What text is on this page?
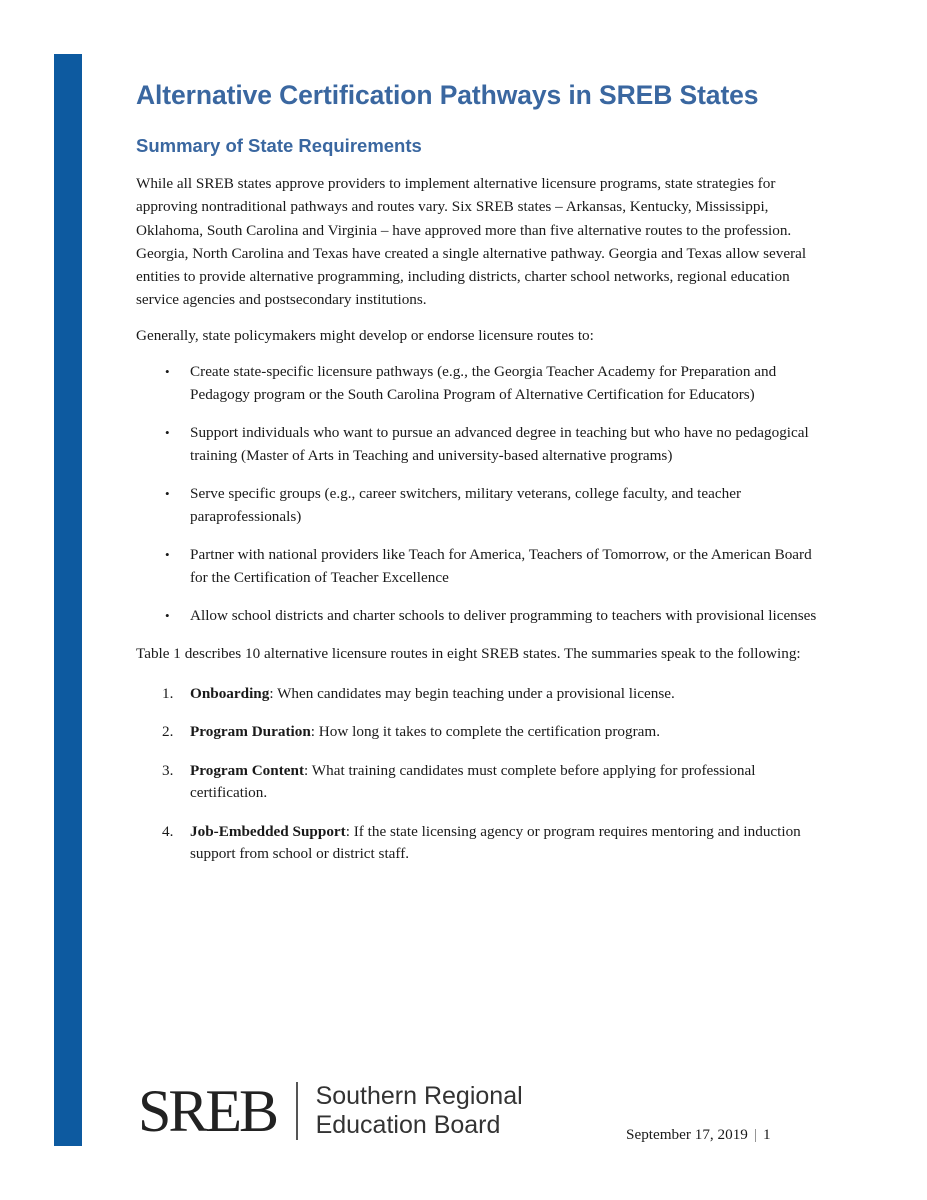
Alternative Certification Pathways in SREB States
Summary of State Requirements

While all SREB states approve providers to implement alternative licensure programs, state strategies for approving nontraditional pathways and routes vary. Six SREB states – Arkansas, Kentucky, Mississippi, Oklahoma, South Carolina and Virginia – have approved more than five alternative routes to the profession. Georgia, North Carolina and Texas have created a single alternative pathway. Georgia and Texas allow several entities to provide alternative programming, including districts, charter school networks, regional education service agencies and postsecondary institutions.

Generally, state policymakers might develop or endorse licensure routes to:

• Create state-specific licensure pathways (e.g., the Georgia Teacher Academy for Preparation and Pedagogy program or the South Carolina Program of Alternative Certification for Educators)
• Support individuals who want to pursue an advanced degree in teaching but who have no pedagogical training (Master of Arts in Teaching and university-based alternative programs)
• Serve specific groups (e.g., career switchers, military veterans, college faculty, and teacher paraprofessionals)
• Partner with national providers like Teach for America, Teachers of Tomorrow, or the American Board for the Certification of Teacher Excellence
• Allow school districts and charter schools to deliver programming to teachers with provisional licenses

Table 1 describes 10 alternative licensure routes in eight SREB states. The summaries speak to the following:

1. Onboarding: When candidates may begin teaching under a provisional license.
2. Program Duration: How long it takes to complete the certification program.
3. Program Content: What training candidates must complete before applying for professional certification.
4. Job-Embedded Support: If the state licensing agency or program requires mentoring and induction support from school or district staff.
SREB Southern Regional
Education Board	September 17, 2019 | 1
